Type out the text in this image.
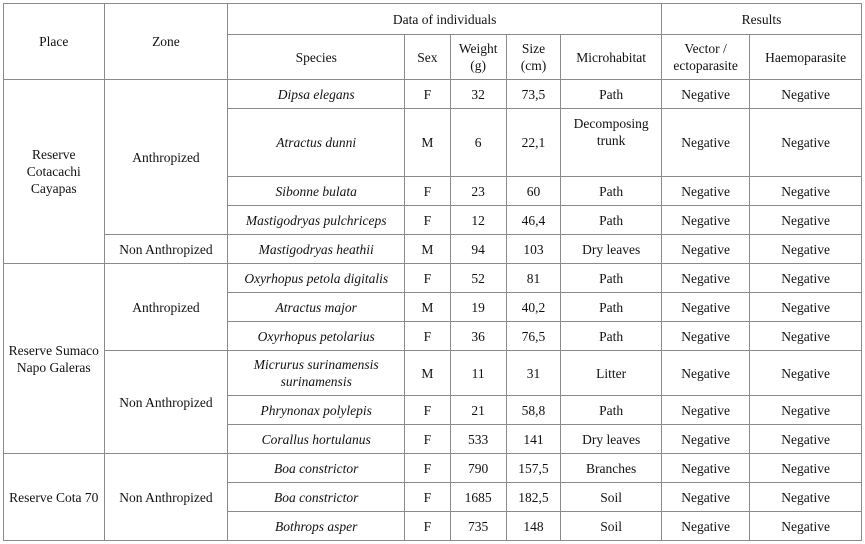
Place	Zone	Data of individuals					Results	
		Species	Sex	Weight (g)	Size (cm)	Microhabitat	Vector / ectoparasite	Haemoparasite
Reserve Cotacachi Cayapas	Anthropized	Dipsa elegans	F	32	73,5	Path	Negative	Negative
		Atractus dunni	M	6	22,1	Decomposing trunk	Negative	Negative
		Sibonne bulata	F	23	60	Path	Negative	Negative
		Mastigodryas pulchriceps	F	12	46,4	Path	Negative	Negative
	Non Anthropized	Mastigodryas heathii	M	94	103	Dry leaves	Negative	Negative
Reserve Sumaco Napo Galeras	Anthropized	Oxyrhopus petola digitalis	F	52	81	Path	Negative	Negative
		Atractus major	M	19	40,2	Path	Negative	Negative
		Oxyrhopus petolarius	F	36	76,5	Path	Negative	Negative
	Non Anthropized	Micrurus surinamensis surinamensis	M	11	31	Litter	Negative	Negative
		Phrynonax polylepis	F	21	58,8	Path	Negative	Negative
		Corallus hortulanus	F	533	141	Dry leaves	Negative	Negative
Reserve Cota 70	Non Anthropized	Boa constrictor	F	790	157,5	Branches	Negative	Negative
		Boa constrictor	F	1685	182,5	Soil	Negative	Negative
		Bothrops asper	F	735	148	Soil	Negative	Negative
